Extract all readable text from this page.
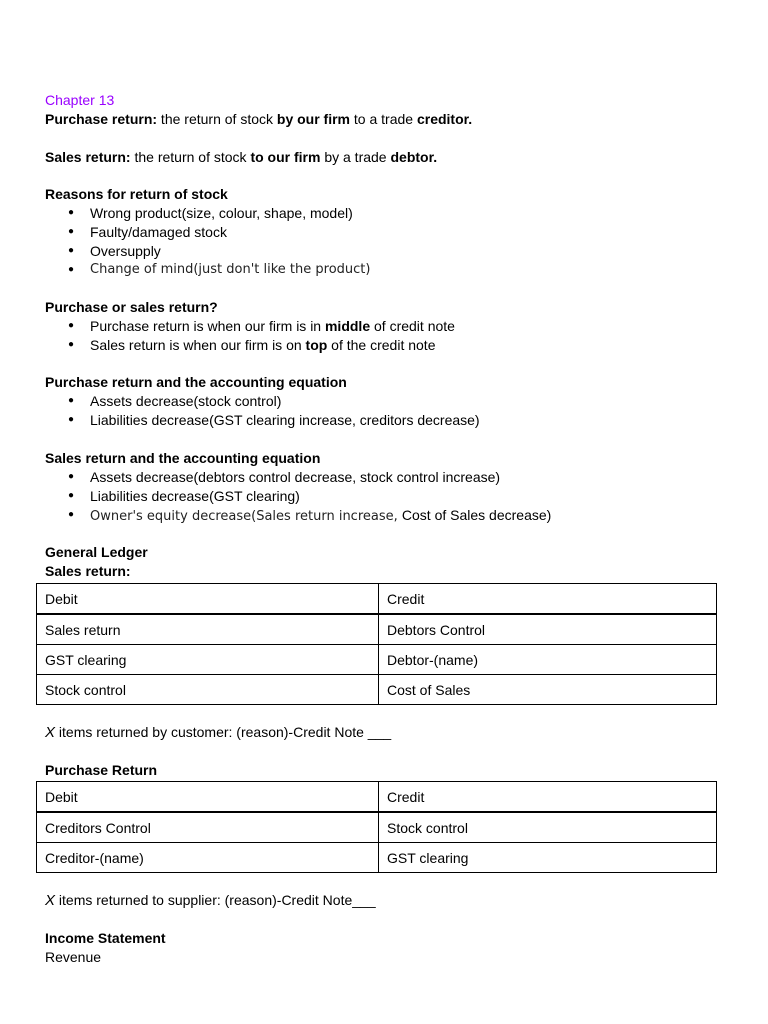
Chapter 13
Purchase return: the return of stock by our firm to a trade creditor.
Sales return: the return of stock to our firm by a trade debtor.
Reasons for return of stock
● Wrong product(size, colour, shape, model)
● Faulty/damaged stock
● Oversupply
● Change of mind(just don't like the product)
Purchase or sales return?
● Purchase return is when our firm is in middle of credit note
● Sales return is when our firm is on top of the credit note
Purchase return and the accounting equation
● Assets decrease(stock control)
● Liabilities decrease(GST clearing increase, creditors decrease)
Sales return and the accounting equation
● Assets decrease(debtors control decrease, stock control increase)
● Liabilities decrease(GST clearing)
● Owner's equity decrease(Sales return increase, Cost of Sales decrease)
General Ledger
Sales return:
Debit	Credit
Sales return	Debtors Control
GST clearing	Debtor-(name)
Stock control	Cost of Sales
X items returned by customer: (reason)-Credit Note ___
Purchase Return
Debit	Credit
Creditors Control	Stock control
Creditor-(name)	GST clearing
X items returned to supplier: (reason)-Credit Note___
Income Statement
Revenue
